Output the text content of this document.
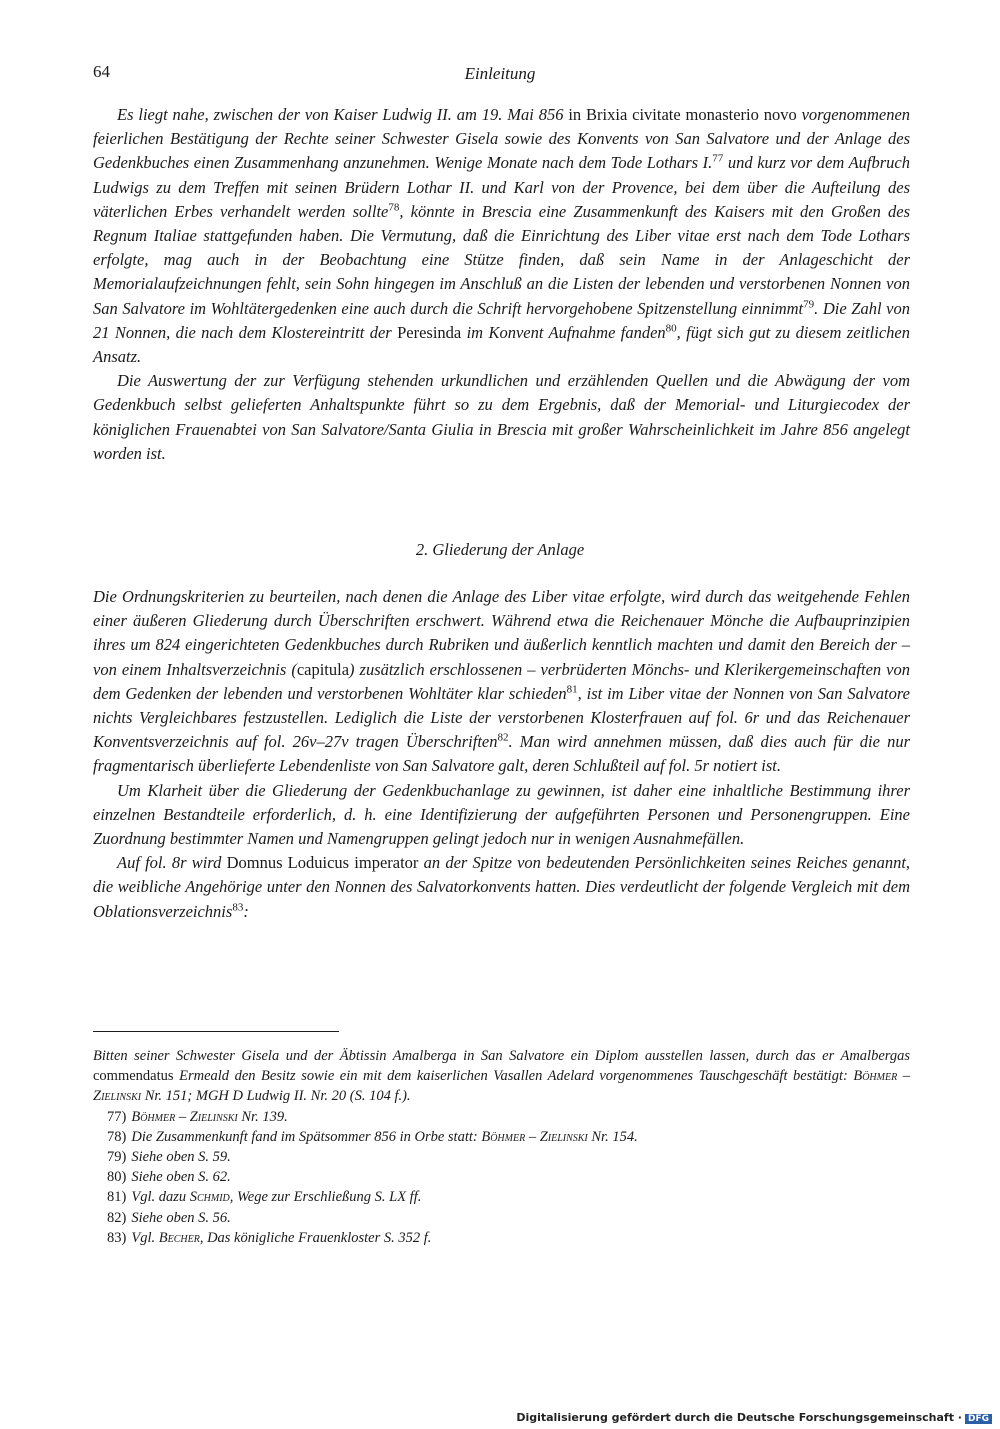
64	Einleitung

Es liegt nahe, zwischen der von Kaiser Ludwig II. am 19. Mai 856 in Brixia civitate monasterio novo vorgenommenen feierlichen Bestätigung der Rechte seiner Schwester Gisela sowie des Konvents von San Salvatore und der Anlage des Gedenkbuches einen Zusammenhang anzunehmen. Wenige Monate nach dem Tode Lothars I.$^{77}$ und kurz vor dem Aufbruch Ludwigs zu dem Treffen mit seinen Brüdern Lothar II. und Karl von der Provence, bei dem über die Aufteilung des väterlichen Erbes verhandelt werden sollte$^{78}$, könnte in Brescia eine Zusammenkunft des Kaisers mit den Großen des Regnum Italiae stattgefunden haben. Die Vermutung, daß die Einrichtung des Liber vitae erst nach dem Tode Lothars erfolgte, mag auch in der Beobachtung eine Stütze finden, daß sein Name in der Anlageschicht der Memorialaufzeichnungen fehlt, sein Sohn hingegen im Anschluß an die Listen der lebenden und verstorbenen Nonnen von San Salvatore im Wohltätergedenken eine auch durch die Schrift hervorgehobene Spitzenstellung einnimmt$^{79}$. Die Zahl von 21 Nonnen, die nach dem Klostereintritt der Peresinda im Konvent Aufnahme fanden$^{80}$, fügt sich gut zu diesem zeitlichen Ansatz.

Die Auswertung der zur Verfügung stehenden urkundlichen und erzählenden Quellen und die Abwägung der vom Gedenkbuch selbst gelieferten Anhaltspunkte führt so zu dem Ergebnis, daß der Memorial- und Liturgiecodex der königlichen Frauenabtei von San Salvatore/Santa Giulia in Brescia mit großer Wahrscheinlichkeit im Jahre 856 angelegt worden ist.

2. Gliederung der Anlage

Die Ordnungskriterien zu beurteilen, nach denen die Anlage des Liber vitae erfolgte, wird durch das weitgehende Fehlen einer äußeren Gliederung durch Überschriften erschwert. Während etwa die Reichenauer Mönche die Aufbauprinzipien ihres um 824 eingerichteten Gedenkbuches durch Rubriken und äußerlich kenntlich machten und damit den Bereich der – von einem Inhaltsverzeichnis (capitula) zusätzlich erschlossenen – verbrüderten Mönchs- und Klerikergemeinschaften von dem Gedenken der lebenden und verstorbenen Wohltäter klar schieden$^{81}$, ist im Liber vitae der Nonnen von San Salvatore nichts Vergleichbares festzustellen. Lediglich die Liste der verstorbenen Klosterfrauen auf fol. 6r und das Reichenauer Konventsverzeichnis auf fol. 26v–27v tragen Überschriften$^{82}$. Man wird annehmen müssen, daß dies auch für die nur fragmentarisch überlieferte Lebendenliste von San Salvatore galt, deren Schlußteil auf fol. 5r notiert ist.

Um Klarheit über die Gliederung der Gedenkbuchanlage zu gewinnen, ist daher eine inhaltliche Bestimmung ihrer einzelnen Bestandteile erforderlich, d. h. eine Identifizierung der aufgeführten Personen und Personengruppen. Eine Zuordnung bestimmter Namen und Namengruppen gelingt jedoch nur in wenigen Ausnahmefällen.

Auf fol. 8r wird Domnus Loduicus imperator an der Spitze von bedeutenden Persönlichkeiten seines Reiches genannt, die weibliche Angehörige unter den Nonnen des Salvatorkonvents hatten. Dies verdeutlicht der folgende Vergleich mit dem Oblationsverzeichnis$^{83}$:

Bitten seiner Schwester Gisela und der Äbtissin Amalberga in San Salvatore ein Diplom ausstellen lassen, durch das er Amalbergas commendatus Ermeald den Besitz sowie ein mit dem kaiserlichen Vasallen Adelard vorgenommenes Tauschgeschäft bestätigt: Böhmer – Zielinski Nr. 151; MGH D Ludwig II. Nr. 20 (S. 104 f.).

77) Böhmer – Zielinski Nr. 139.

78) Die Zusammenkunft fand im Spätsommer 856 in Orbe statt: Böhmer – Zielinski Nr. 154.

79) Siehe oben S. 59.

80) Siehe oben S. 62.

81) Vgl. dazu Schmid, Wege zur Erschließung S. LX ff.

82) Siehe oben S. 56.

83) Vgl. Becher, Das königliche Frauenkloster S. 352 f.

Digitalisierung gefördert durch die Deutsche Forschungsgemeinschaft · DFG
